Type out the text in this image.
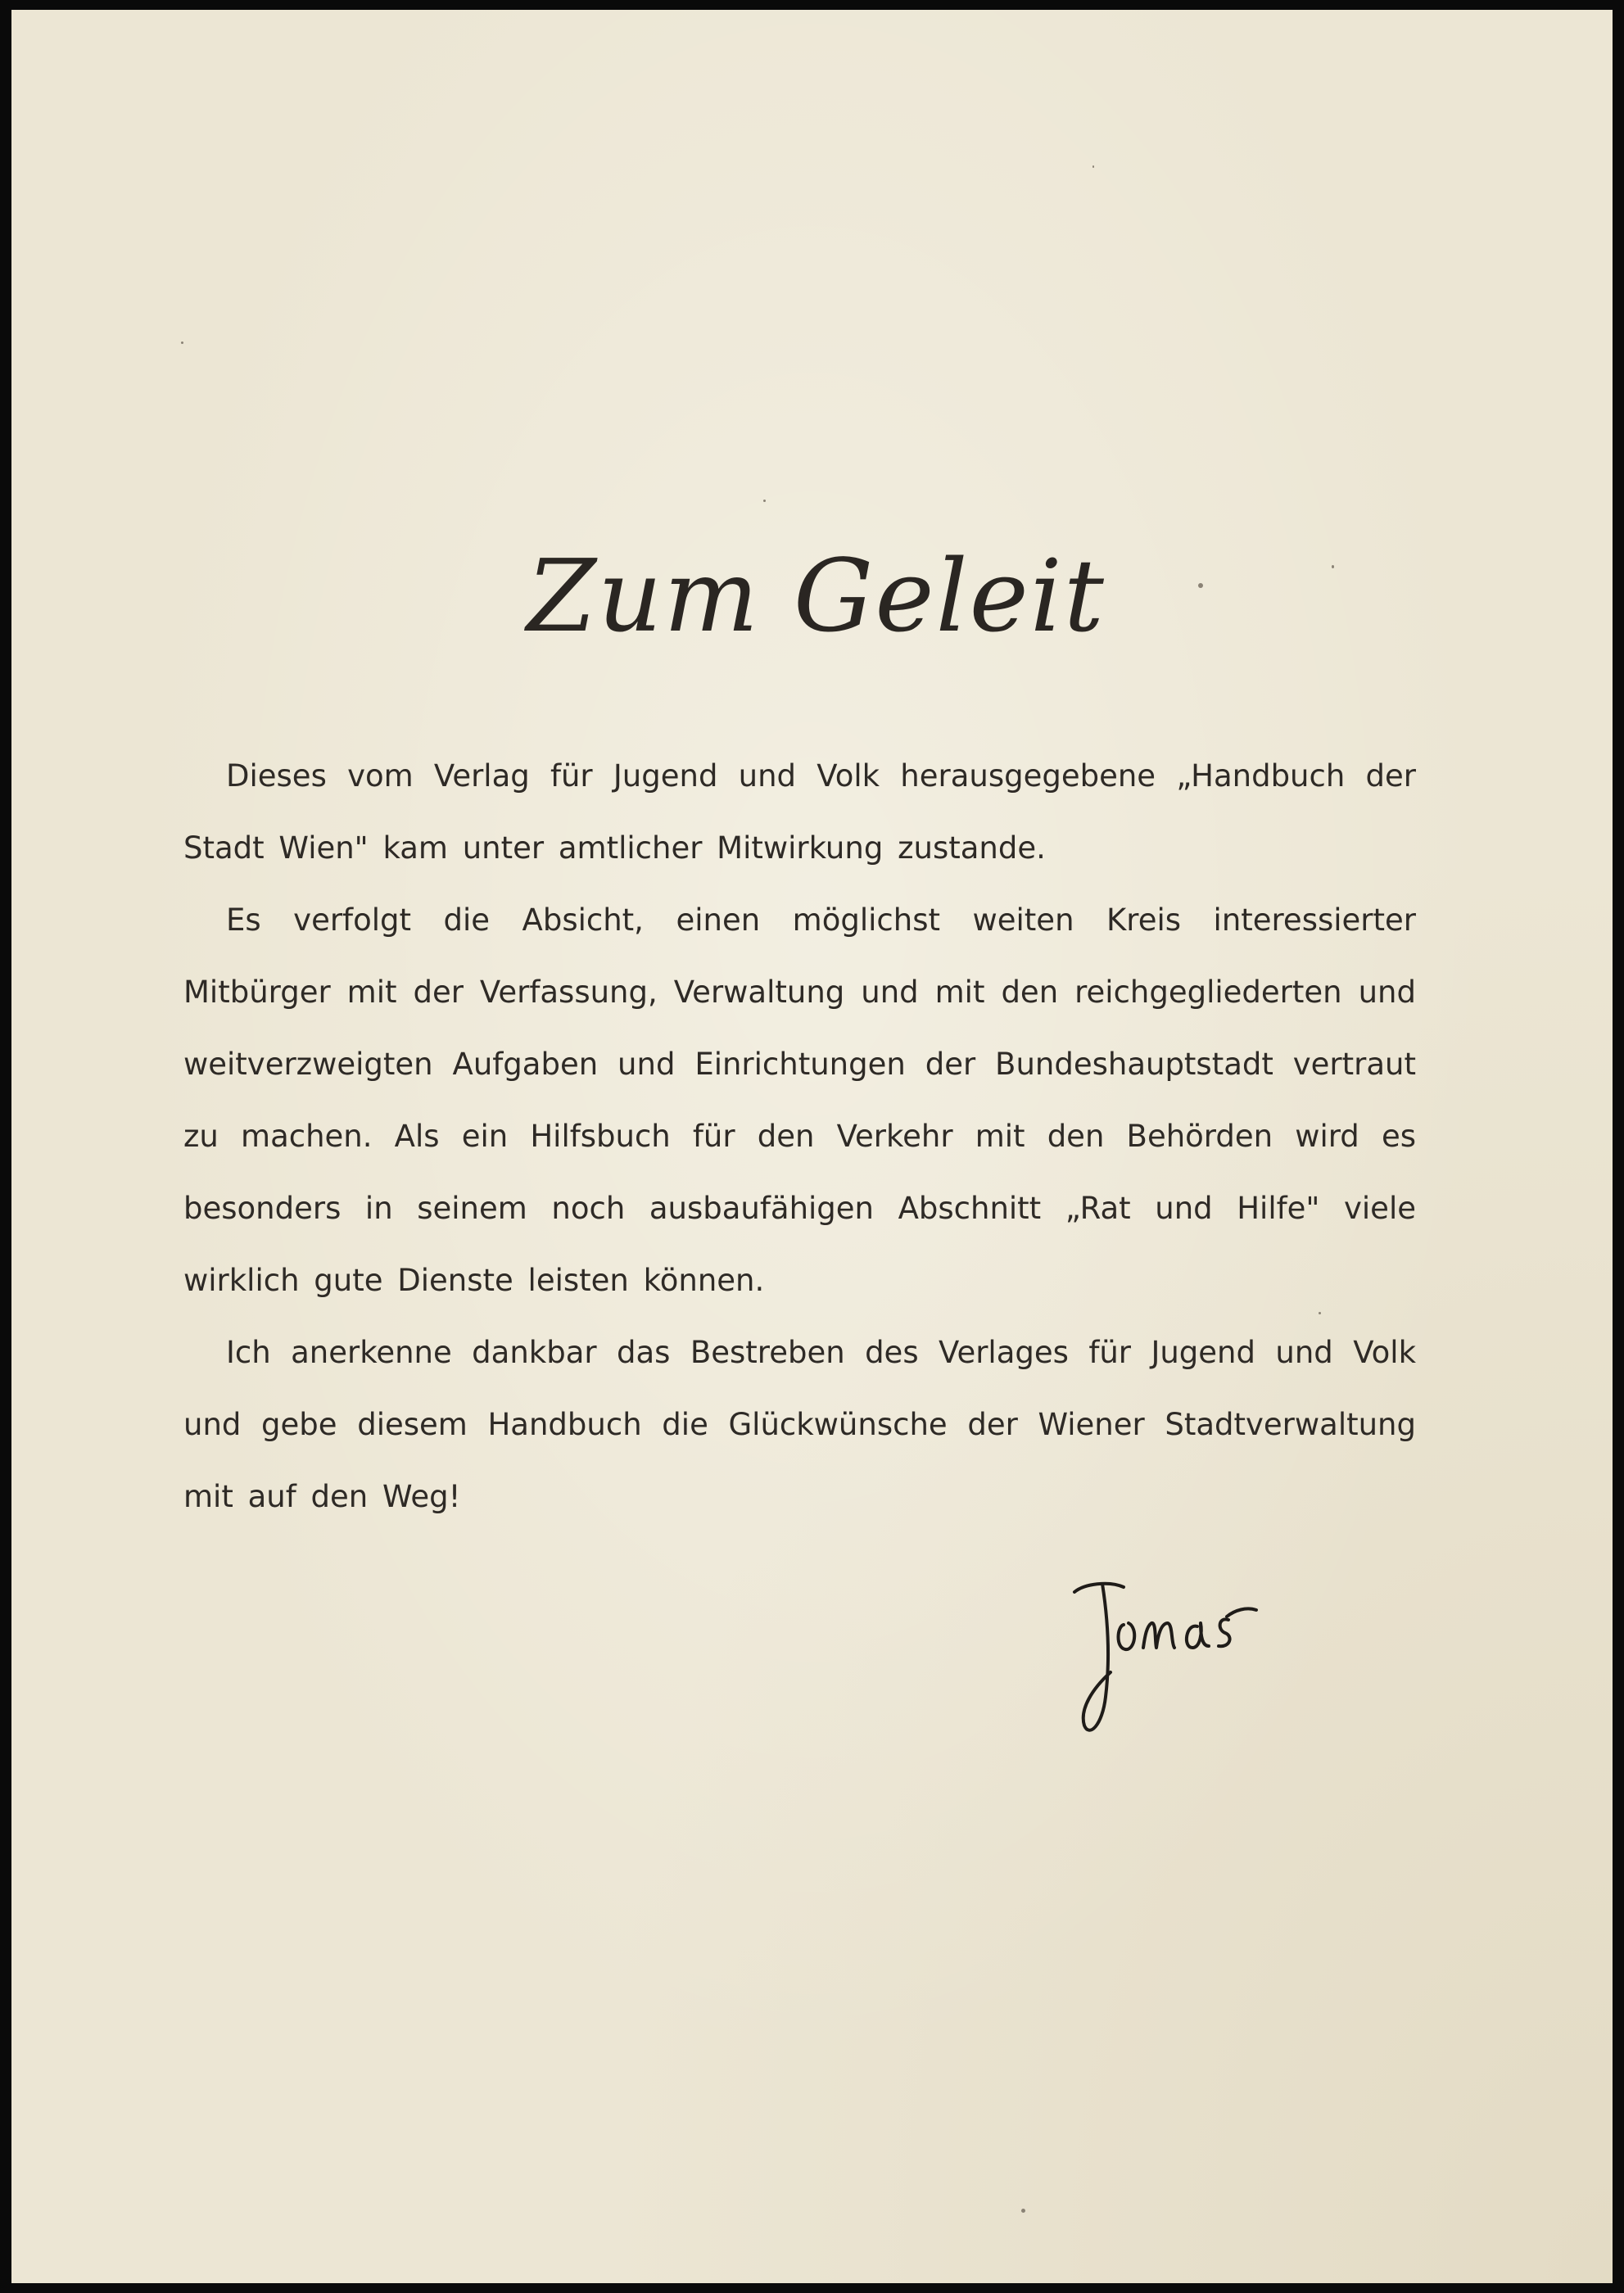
Zum Geleit

Dieses vom Verlag für Jugend und Volk herausgegebene „Handbuch der Stadt Wien" kam unter amtlicher Mitwirkung zustande.

Es verfolgt die Absicht, einen möglichst weiten Kreis interessierter Mitbürger mit der Verfassung, Verwaltung und mit den reichgegliederten und weitverzweigten Aufgaben und Einrichtungen der Bundeshauptstadt vertraut zu machen. Als ein Hilfsbuch für den Verkehr mit den Behörden wird es besonders in seinem noch ausbaufähigen Abschnitt „Rat und Hilfe" viele wirklich gute Dienste leisten können.

Ich anerkenne dankbar das Bestreben des Verlages für Jugend und Volk und gebe diesem Handbuch die Glückwünsche der Wiener Stadtverwaltung mit auf den Weg!
